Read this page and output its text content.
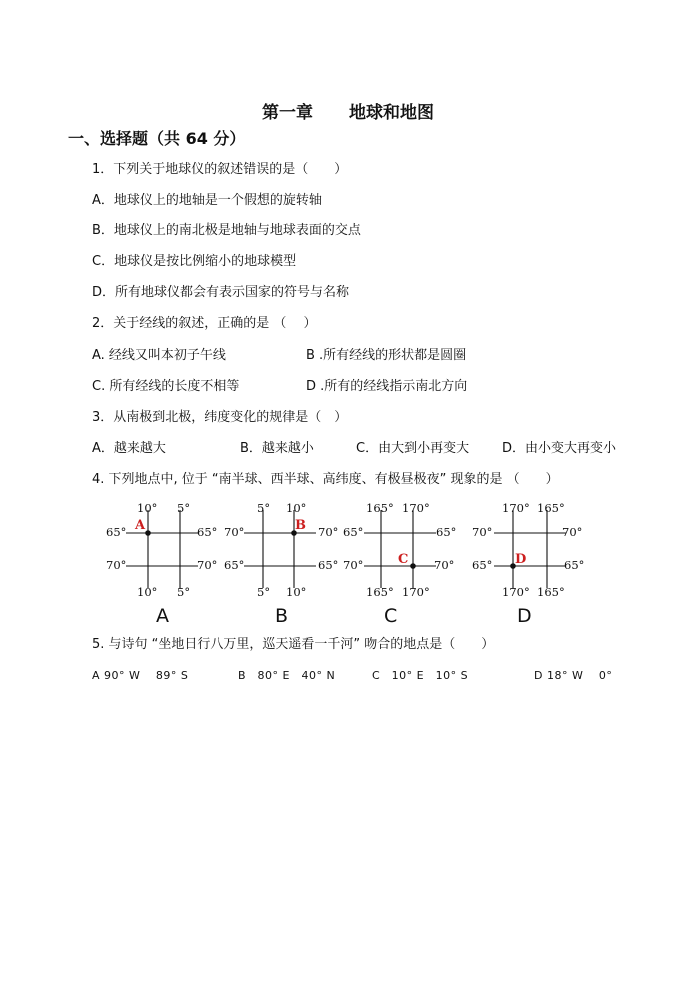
第一章 地球和地图
一、选择题（共 64 分）
1．下列关于地球仪的叙述错误的是（　　）
A．地球仪上的地轴是一个假想的旋转轴
B．地球仪上的南北极是地轴与地球表面的交点
C．地球仪是按比例缩小的地球模型
D．所有地球仪都会有表示国家的符号与名称
2．关于经线的叙述，正确的是 （　 ）
A. 经线又叫本初子午线	B .所有经线的形状都是圆圈
C. 所有经线的长度不相等	D .所有的经线指示南北方向
3．从南极到北极，纬度变化的规律是（　）
A．越来越大	B．越来越小	C．由大到小再变大	D．由小变大再变小
4. 下列地点中, 位于 “南半球、西半球、高纬度、有极昼极夜” 现象的是 （　　）
A
10° 5°
10° 5°
65°
70°
65°
70°
A
B
5° 10°
5° 10°
70°
65°
70°
65°
B
C
165° 170°
165° 170°
65°
70°
65°
70°
C
D
170° 165°
170° 165°
70°
65°
70°
65°
D
5. 与诗句 “坐地日行八万里，巡天遥看一千河” 吻合的地点是（　　）
A 90° W　 89° S	B　80° E　40° N	C　10° E　10° S	D 18° W　 0°
